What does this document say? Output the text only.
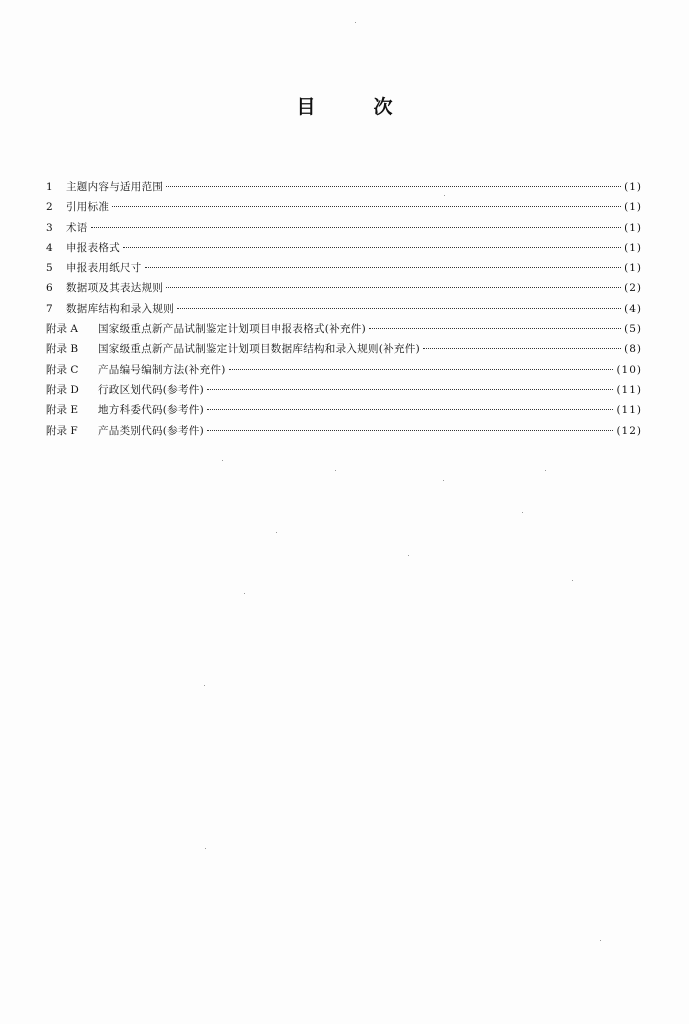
目	次
1	主题内容与适用范围	(1)
2	引用标准	(1)
3	术语	(1)
4	申报表格式	(1)
5	申报表用纸尺寸	(1)
6	数据项及其表达规则	(2)
7	数据库结构和录入规则	(4)
附录 A	国家级重点新产品试制鉴定计划项目申报表格式(补充件)	(5)
附录 B	国家级重点新产品试制鉴定计划项目数据库结构和录入规则(补充件)	(8)
附录 C	产品编号编制方法(补充件)	(10)
附录 D	行政区划代码(参考件)	(11)
附录 E	地方科委代码(参考件)	(11)
附录 F	产品类别代码(参考件)	(12)
